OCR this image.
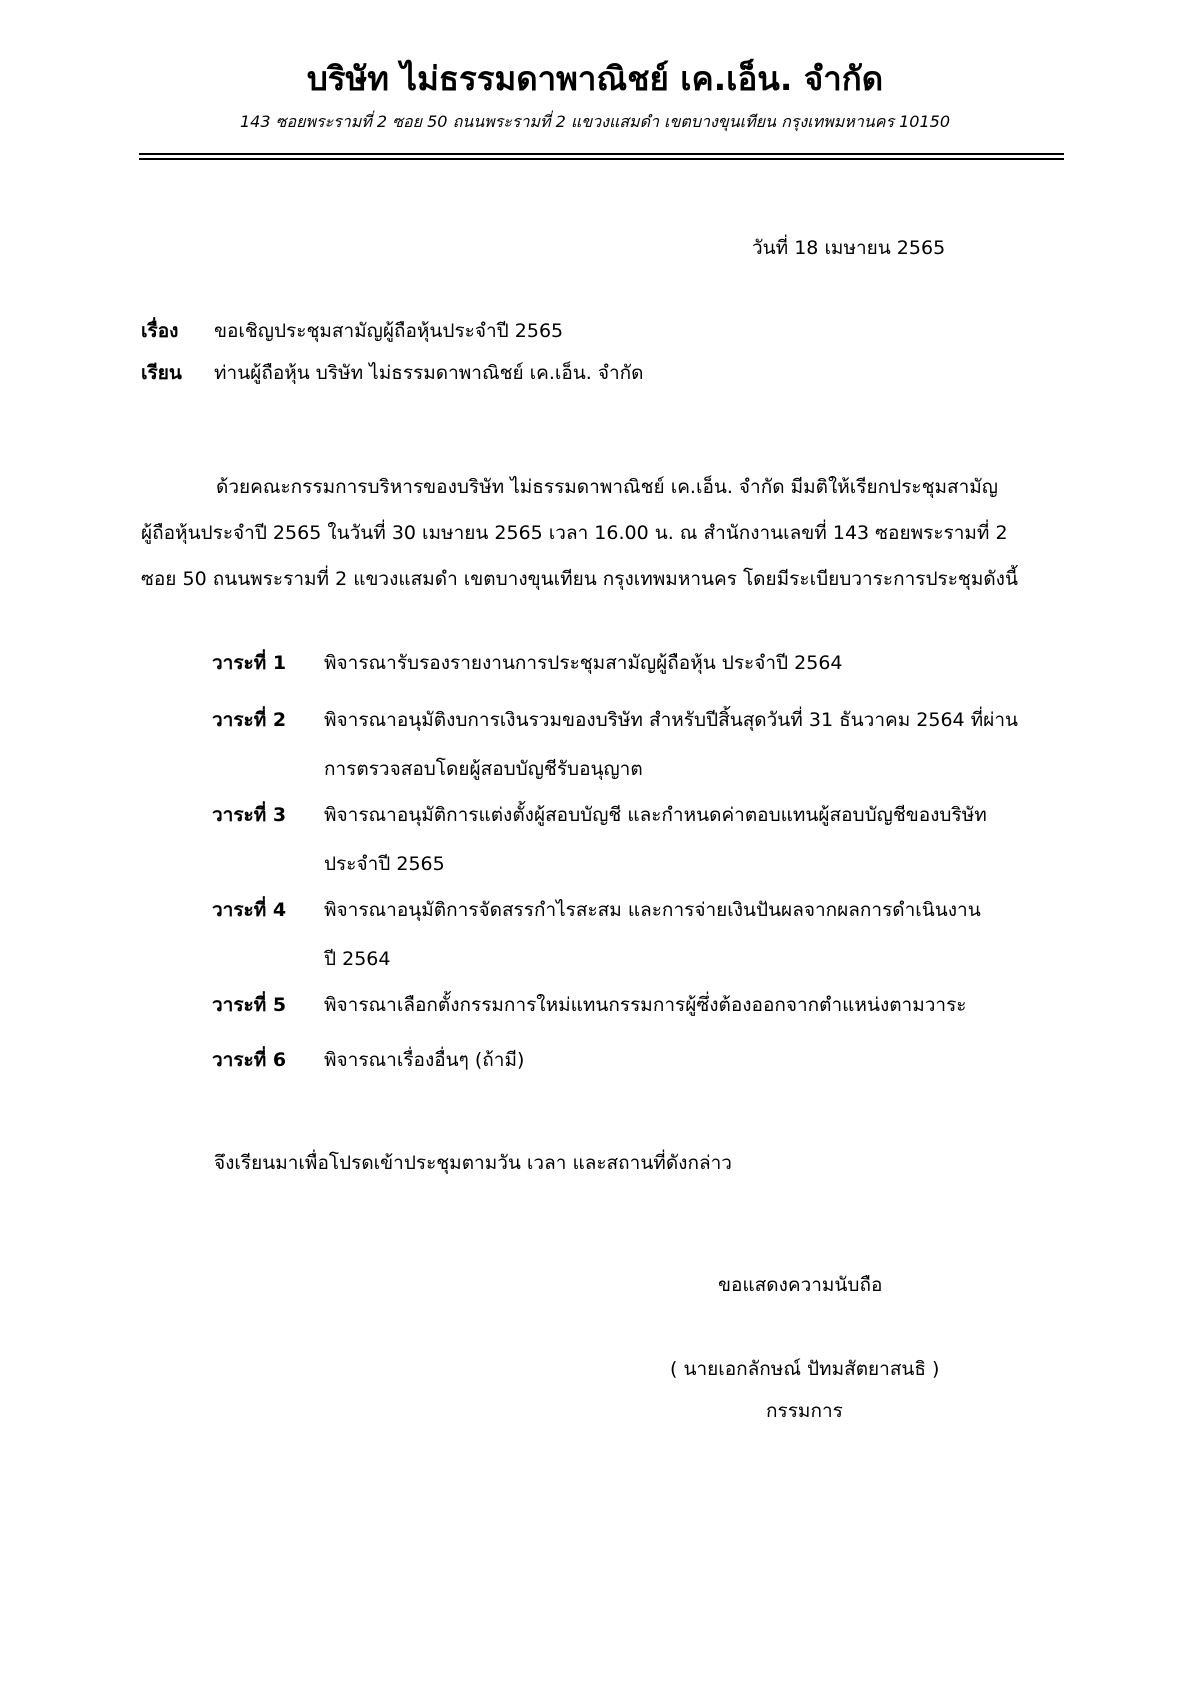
บริษัท ไม่ธรรมดาพาณิชย์ เค.เอ็น. จำกัด
143 ซอยพระรามที่ 2 ซอย 50 ถนนพระรามที่ 2 แขวงแสมดำ เขตบางขุนเทียน กรุงเทพมหานคร 10150
วันที่ 18 เมษายน 2565
เรื่อง ขอเชิญประชุมสามัญผู้ถือหุ้นประจำปี 2565
เรียน ท่านผู้ถือหุ้น บริษัท ไม่ธรรมดาพาณิชย์ เค.เอ็น. จำกัด
ด้วยคณะกรรมการบริหารของบริษัท ไม่ธรรมดาพาณิชย์ เค.เอ็น. จำกัด มีมติให้เรียกประชุมสามัญ
ผู้ถือหุ้นประจำปี 2565 ในวันที่ 30 เมษายน 2565 เวลา 16.00 น. ณ สำนักงานเลขที่ 143 ซอยพระรามที่ 2
ซอย 50 ถนนพระรามที่ 2 แขวงแสมดำ เขตบางขุนเทียน กรุงเทพมหานคร โดยมีระเบียบวาระการประชุมดังนี้
วาระที่ 1 พิจารณารับรองรายงานการประชุมสามัญผู้ถือหุ้น ประจำปี 2564
วาระที่ 2 พิจารณาอนุมัติงบการเงินรวมของบริษัท สำหรับปีสิ้นสุดวันที่ 31 ธันวาคม 2564 ที่ผ่าน
การตรวจสอบโดยผู้สอบบัญชีรับอนุญาต
วาระที่ 3 พิจารณาอนุมัติการแต่งตั้งผู้สอบบัญชี และกำหนดค่าตอบแทนผู้สอบบัญชีของบริษัท
ประจำปี 2565
วาระที่ 4 พิจารณาอนุมัติการจัดสรรกำไรสะสม และการจ่ายเงินปันผลจากผลการดำเนินงาน
ปี 2564
วาระที่ 5 พิจารณาเลือกตั้งกรรมการใหม่แทนกรรมการผู้ซึ่งต้องออกจากตำแหน่งตามวาระ
วาระที่ 6 พิจารณาเรื่องอื่นๆ (ถ้ามี)
จึงเรียนมาเพื่อโปรดเข้าประชุมตามวัน เวลา และสถานที่ดังกล่าว
ขอแสดงความนับถือ
( นายเอกลักษณ์ ปัทมสัตยาสนธิ )
กรรมการ
